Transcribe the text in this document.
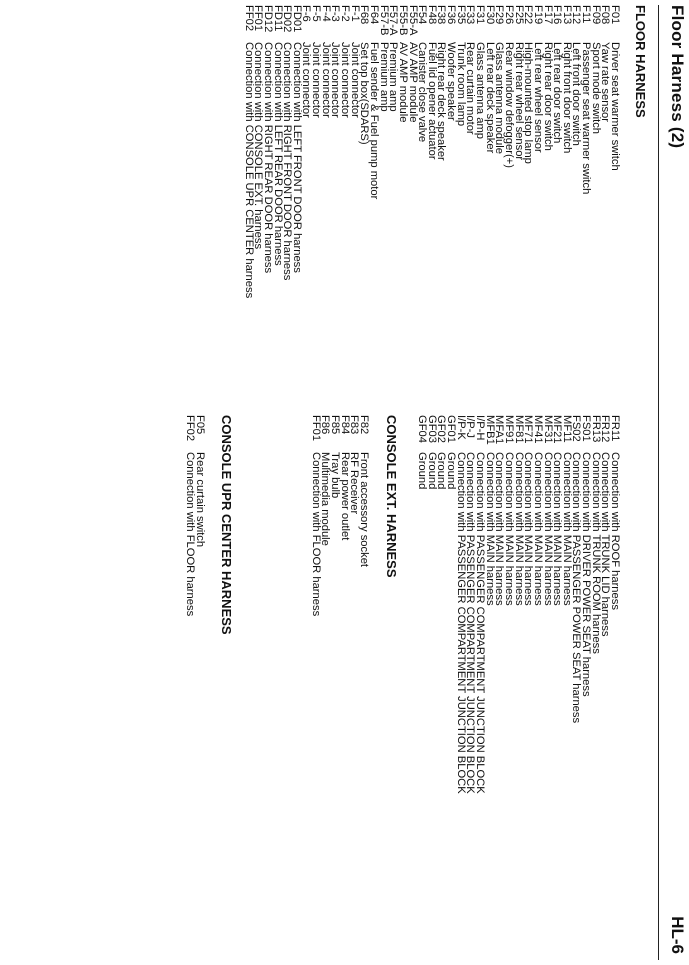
Floor Harness (2)
HL-6
FLOOR HARNESS
F01
Driver seat warmer switch
F08
Yaw rate sensor
F09
Sport mode switch
F11
Passenger seat warmer switch
F12
Left front door switch
F13
Right front door switch
F16
Left rear door switch
F17
Right rear door switch
F19
Left rear wheel sensor
F22
High-mounted stop lamp
F25
Right rear wheel sensor
F26
Rear window defogger(+)
F29
Glass antenna module
F30
Left rear deck speaker
F31
Glass antenna amp
F33
Rear curtain motor
F35
Trunk room lamp
F36
Woofer speaker
F38
Right rear deck speaker
F48
Fuel lid opener actuator
F54
Canister close valve
F55-A
AV AMP module
F55-B
AV AMP module
F57-A
Premium amp
F57-B
Premium amp
F64
Fuel sender & Fuel pump motor
F68
Set top box(SDARS)
F-1
Joint connector
F-2
Joint connector
F-3
Joint connector
F-4
Joint connector
F-5
Joint connector
F-6
Joint connector
FD01
Connection with LEFT FRONT DOOR harness
FD02
Connection with RIGHT FRONT DOOR harness
FD11
Connection with LEFT REAR DOOR harness
FD12
Connection with RIGHT REAR DOOR harness
FF01
Connection with CONSOLE EXT. harness
FF02
Connection with CONSOLE UPR CENTER harness
FR11
Connection with ROOF harness
FR12
Connection with TRUNK LID harness
FR13
Connection with TRUNK ROOM harness
FS01
Connection with DRIVER POWER SEAT harness
FS02
Connection with PASSENGER POWER SEAT harness
MF11
Connection with MAIN harness
MF21
Connection with MAIN harness
MF31
Connection with MAIN harness
MF41
Connection with MAIN harness
MF71
Connection with MAIN harness
MF81
Connection with MAIN harness
MF91
Connection with MAIN harness
MFA1
Connection with MAIN harness
MFB1
Connection with MAIN harness
I/P-H
Connection with PASSENGER COMPARTMENT JUNCTION BLOCK
I/P-J
Connection with PASSENGER COMPARTMENT JUNCTION BLOCK
I/P-K
Connection with PASSENGER COMPARTMENT JUNCTION BLOCK
GF01
Ground
GF02
Ground
GF03
Ground
GF04
Ground
CONSOLE EXT. HARNESS
F82
Front accessory socket
F83
RF Receiver
F84
Rear power outlet
F85
Tray bulb
F86
Multimedia module
FF01
Connection with FLOOR harness
CONSOLE UPR CENTER HARNESS
F05
Rear curtain switch
FF02
Connection with FLOOR harness
